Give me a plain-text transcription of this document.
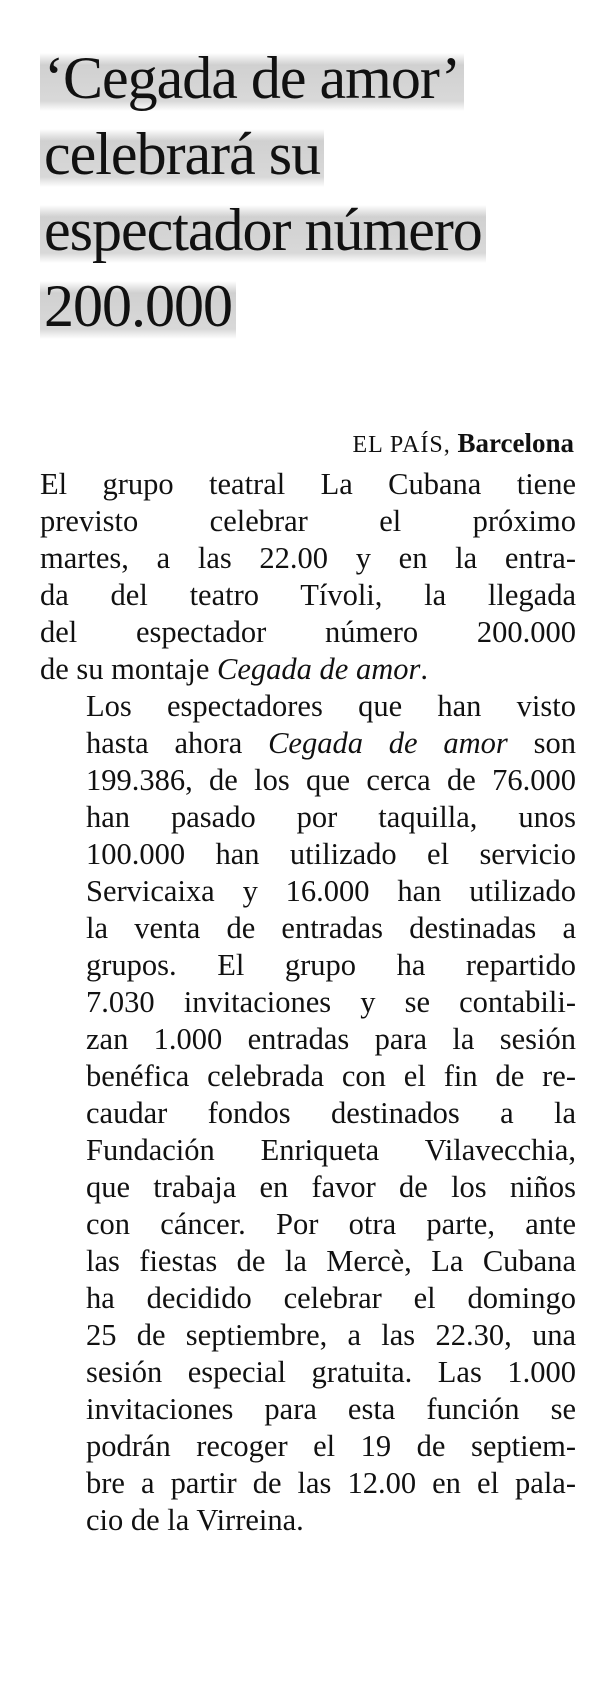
‘Cegada de amor’
celebrará su
espectador número
200.000
EL PAÍS, Barcelona

El grupo teatral La Cubana tiene
previsto celebrar el próximo
martes, a las 22.00 y en la entra-
da del teatro Tívoli, la llegada
del espectador número 200.000
de su montaje Cegada de amor.

Los espectadores que han visto
hasta ahora Cegada de amor son
199.386, de los que cerca de 76.000
han pasado por taquilla, unos
100.000 han utilizado el servicio
Servicaixa y 16.000 han utilizado
la venta de entradas destinadas a
grupos. El grupo ha repartido
7.030 invitaciones y se contabili-
zan 1.000 entradas para la sesión
benéfica celebrada con el fin de re-
caudar fondos destinados a la
Fundación Enriqueta Vilavecchia,
que trabaja en favor de los niños
con cáncer. Por otra parte, ante
las fiestas de la Mercè, La Cubana
ha decidido celebrar el domingo
25 de septiembre, a las 22.30, una
sesión especial gratuita. Las 1.000
invitaciones para esta función se
podrán recoger el 19 de septiem-
bre a partir de las 12.00 en el pala-
cio de la Virreina.
